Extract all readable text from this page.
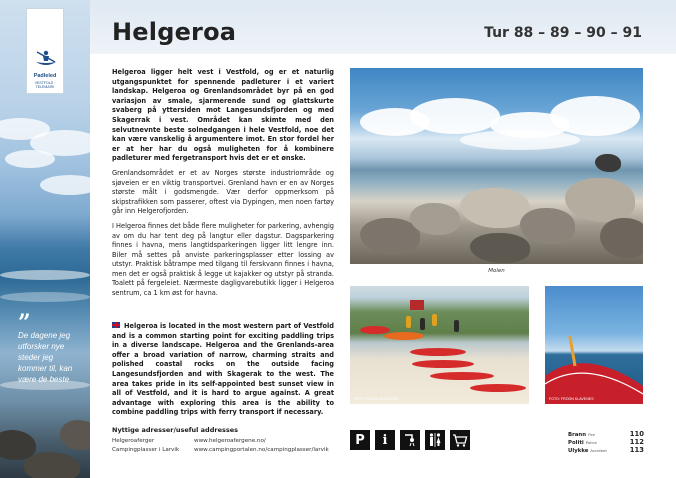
Helgeroa	Tur 88 – 89 – 90 – 91
Padleled
VESTFOLD · TELEMARK
”
De dagene jeg utforsker nye steder jeg kommer til, kan være de beste

Helgeroa ligger helt vest i Vestfold, og er et naturlig utgangspunktet for spennende padleturer i et variert landskap. Helgeroa og Grenlandsområdet byr på en god variasjon av smale, sjarmerende sund og glattskurte svaberg på yttersiden mot Langesundsfjorden og med Skagerrak i vest. Området kan skimte med den selvutnevnte beste solnedgangen i hele Vestfold, noe det kan være vanskelig å argumentere imot. En stor fordel her er at her har du også muligheten for å kombinere padleturer med fergetransport hvis det er et ønske.

Grenlandsområdet er et av Norges største industriområde og sjøveien er en viktig transportvei. Grenland havn er en av Norges største målt i godsmengde. Vær derfor oppmerksom på skipstrafikken som passerer, oftest via Dypingen, men noen fartøy går inn Helgerofjorden.

I Helgeroa finnes det både flere muligheter for parkering, avhengig av om du har tent deg på langtur eller dagstur. Dagsparkering finnes i havna, mens langtidsparkeringen ligger litt lengre inn. Biler må settes på anviste parkeringsplasser etter lossing av utstyr. Praktisk båtrampe med tilgang til ferskvann finnes i havna, men det er også praktisk å legge ut kajakker og utstyr på stranda. Toalett på fergeleiet. Nærmeste dagligvarebutikk ligger i Helgeroa sentrum, ca 1 km øst for havna.

Helgeroa is located in the most western part of Vestfold and is a common starting point for exciting paddling trips in a diverse landscape. Helgeroa and the Grenlands-area offer a broad variation of narrow, charming straits and polished coastal rocks on the outside facing Langesundsfjorden and with Skagerak to the west. The area takes pride in its self-appointed best sunset view in all of Vestfold, and it is hard to argue against. A great advantage with exploring this area is the ability to combine paddling trips with ferry transport if necessary.
Nyttige adresser/useful addresses
Helgeroaferger	www.helgeroafergene.no/
Campingplasser i Larvik	www.campingportalen.no/campingplasser/larvik
Molen
FOTO: FROGN KLAVENES	FOTO: FROGN KLAVENES
P	i	Brann Fire	110
Politi Police	112
Ulykke Accident	113
